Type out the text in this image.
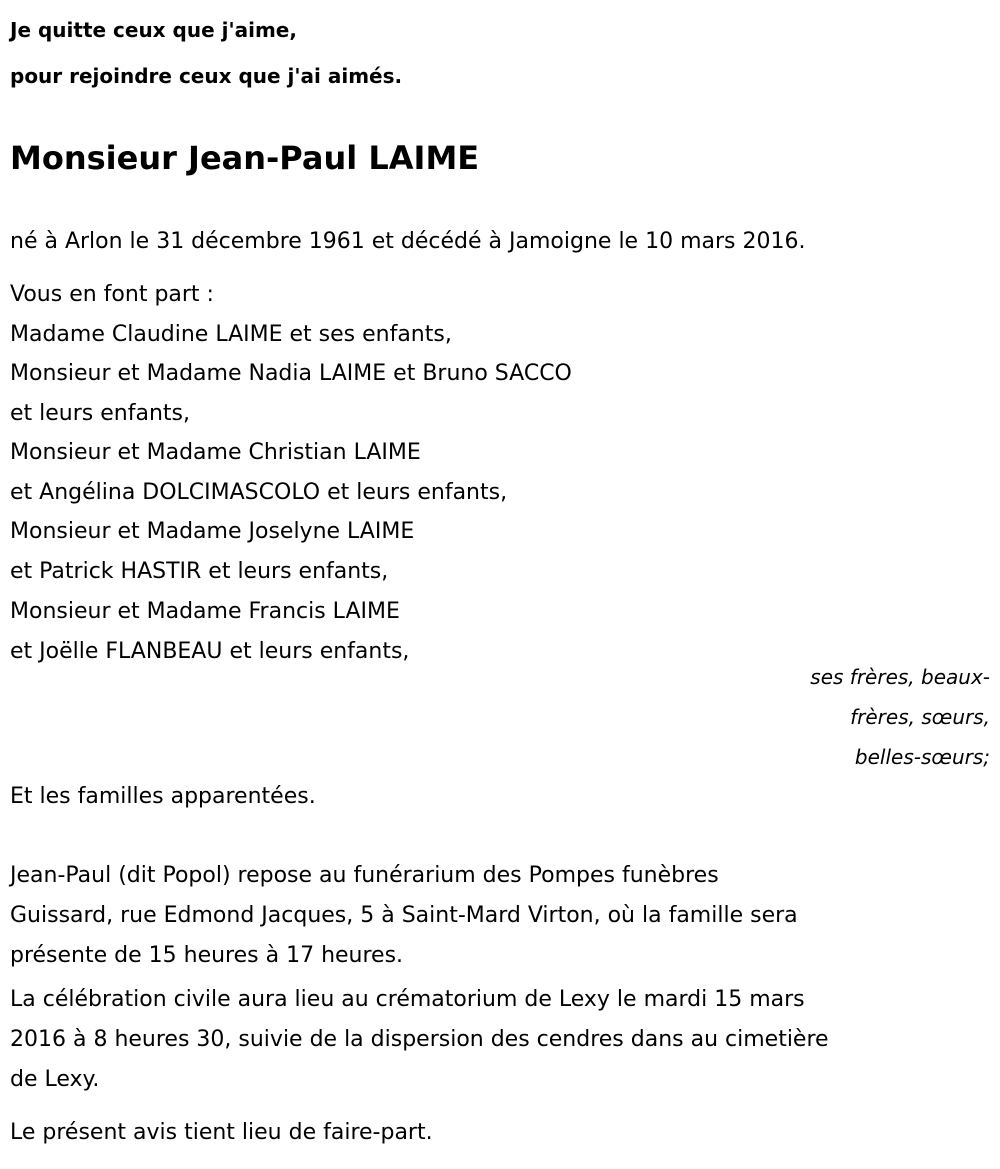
Je quitte ceux que j'aime,
pour rejoindre ceux que j'ai aimés.
Monsieur Jean-Paul LAIME
né à Arlon le 31 décembre 1961 et décédé à Jamoigne le 10 mars 2016.
Vous en font part :
Madame Claudine LAIME et ses enfants,
Monsieur et Madame Nadia LAIME et Bruno SACCO
et leurs enfants,
Monsieur et Madame Christian LAIME
et Angélina DOLCIMASCOLO et leurs enfants,
Monsieur et Madame Joselyne LAIME
et Patrick HASTIR et leurs enfants,
Monsieur et Madame Francis LAIME
et Joëlle FLANBEAU et leurs enfants,
ses frères, beaux-
frères, sœurs,
belles-sœurs;
Et les familles apparentées.
Jean-Paul (dit Popol) repose au funérarium des Pompes funèbres
Guissard, rue Edmond Jacques, 5 à Saint-Mard Virton, où la famille sera
présente de 15 heures à 17 heures.
La célébration civile aura lieu au crématorium de Lexy le mardi 15 mars
2016 à 8 heures 30, suivie de la dispersion des cendres dans au cimetière
de Lexy.
Le présent avis tient lieu de faire-part.
